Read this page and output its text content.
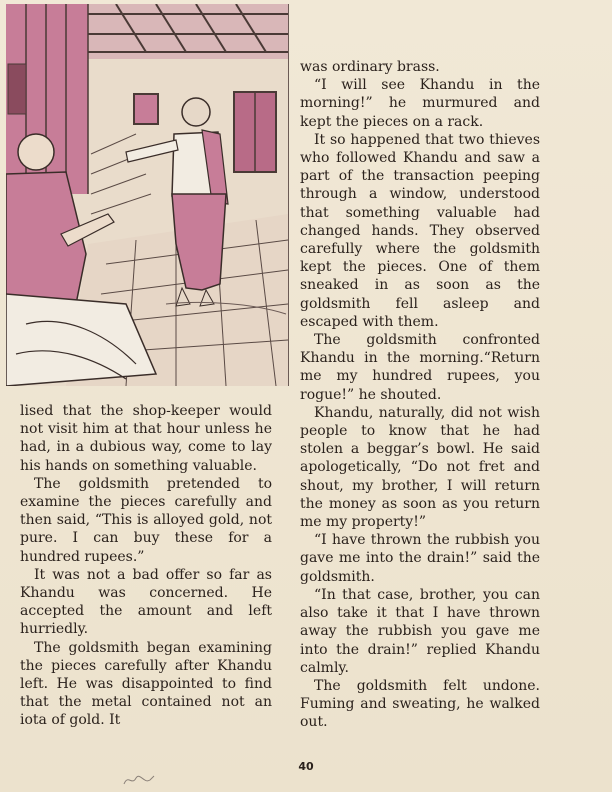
lised that the shop-keeper would not visit him at that hour unless he had, in a dubious way, come to lay his hands on something valuable.

The goldsmith pretended to examine the pieces carefully and then said, “This is alloyed gold, not pure. I can buy these for a hundred rupees.”

It was not a bad offer so far as Khandu was concerned. He accepted the amount and left hurriedly.

The goldsmith began examining the pieces carefully after Khandu left. He was disappointed to find that the metal contained not an iota of gold. It

was ordinary brass.

“I will see Khandu in the morning!” he murmured and kept the pieces on a rack.

It so happened that two thieves who followed Khandu and saw a part of the transaction peeping through a window, understood that something valuable had changed hands. They observed carefully where the goldsmith kept the pieces. One of them sneaked in as soon as the goldsmith fell asleep and escaped with them.

The goldsmith confronted Khandu in the morning.“Return me my hundred rupees, you rogue!” he shouted.

Khandu, naturally, did not wish people to know that he had stolen a beggar’s bowl. He said apologetically, “Do not fret and shout, my brother, I will return the money as soon as you return me my property!”

“I have thrown the rubbish you gave me into the drain!” said the goldsmith.

“In that case, brother, you can also take it that I have thrown away the rubbish you gave me into the drain!” replied Khandu calmly.

The goldsmith felt undone. Fuming and sweating, he walked out.

40
